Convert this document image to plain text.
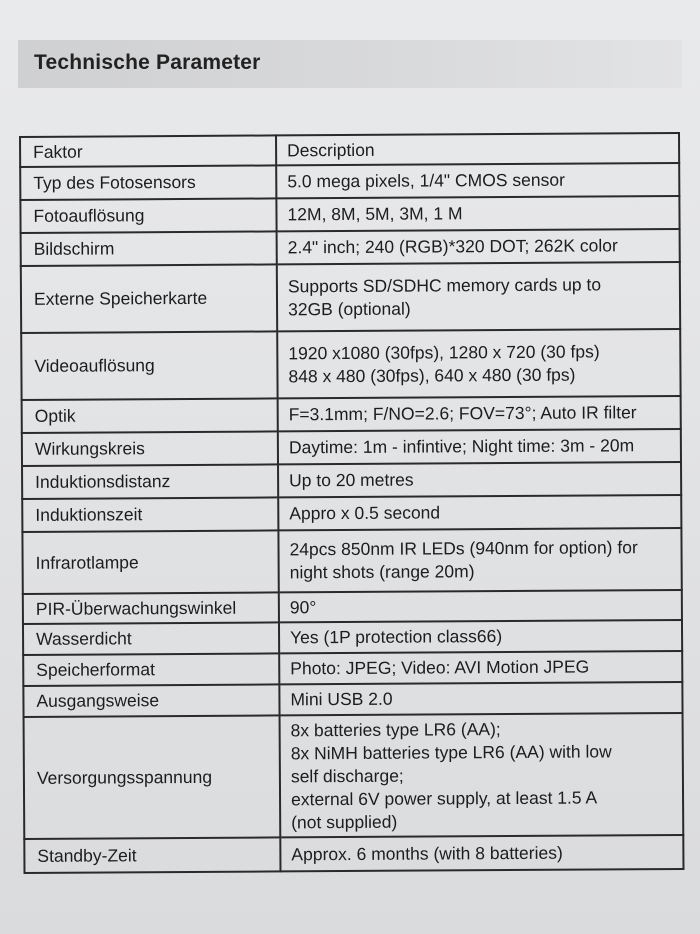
Technische Parameter
Faktor	Description
Typ des Fotosensors	5.0 mega pixels, 1/4" CMOS sensor

Fotoauflösung	12M, 8M, 5M, 3M, 1 M

Bildschirm	2.4" inch; 240 (RGB)*320 DOT; 262K color

Externe Speicherkarte	Supports SD/SDHC memory cards up to
32GB (optional)

Videoauflösung	1920 x1080 (30fps), 1280 x 720 (30 fps)
848 x 480 (30fps), 640 x 480 (30 fps)

Optik	F=3.1mm; F/NO=2.6; FOV=73°; Auto IR filter

Wirkungskreis	Daytime: 1m - infintive; Night time: 3m - 20m

Induktionsdistanz	Up to 20 metres

Induktionszeit	Appro x 0.5 second

Infrarotlampe	24pcs 850nm IR LEDs (940nm for option) for
night shots (range 20m)

PIR-Überwachungswinkel	90°

Wasserdicht	Yes (1P protection class66)

Speicherformat	Photo: JPEG; Video: AVI Motion JPEG

Ausgangsweise	Mini USB 2.0

Versorgungsspannung	8x batteries type LR6 (AA);
8x NiMH batteries type LR6 (AA) with low
self discharge;
external 6V power supply, at least 1.5 A
(not supplied)

Standby-Zeit	Approx. 6 months (with 8 batteries)
